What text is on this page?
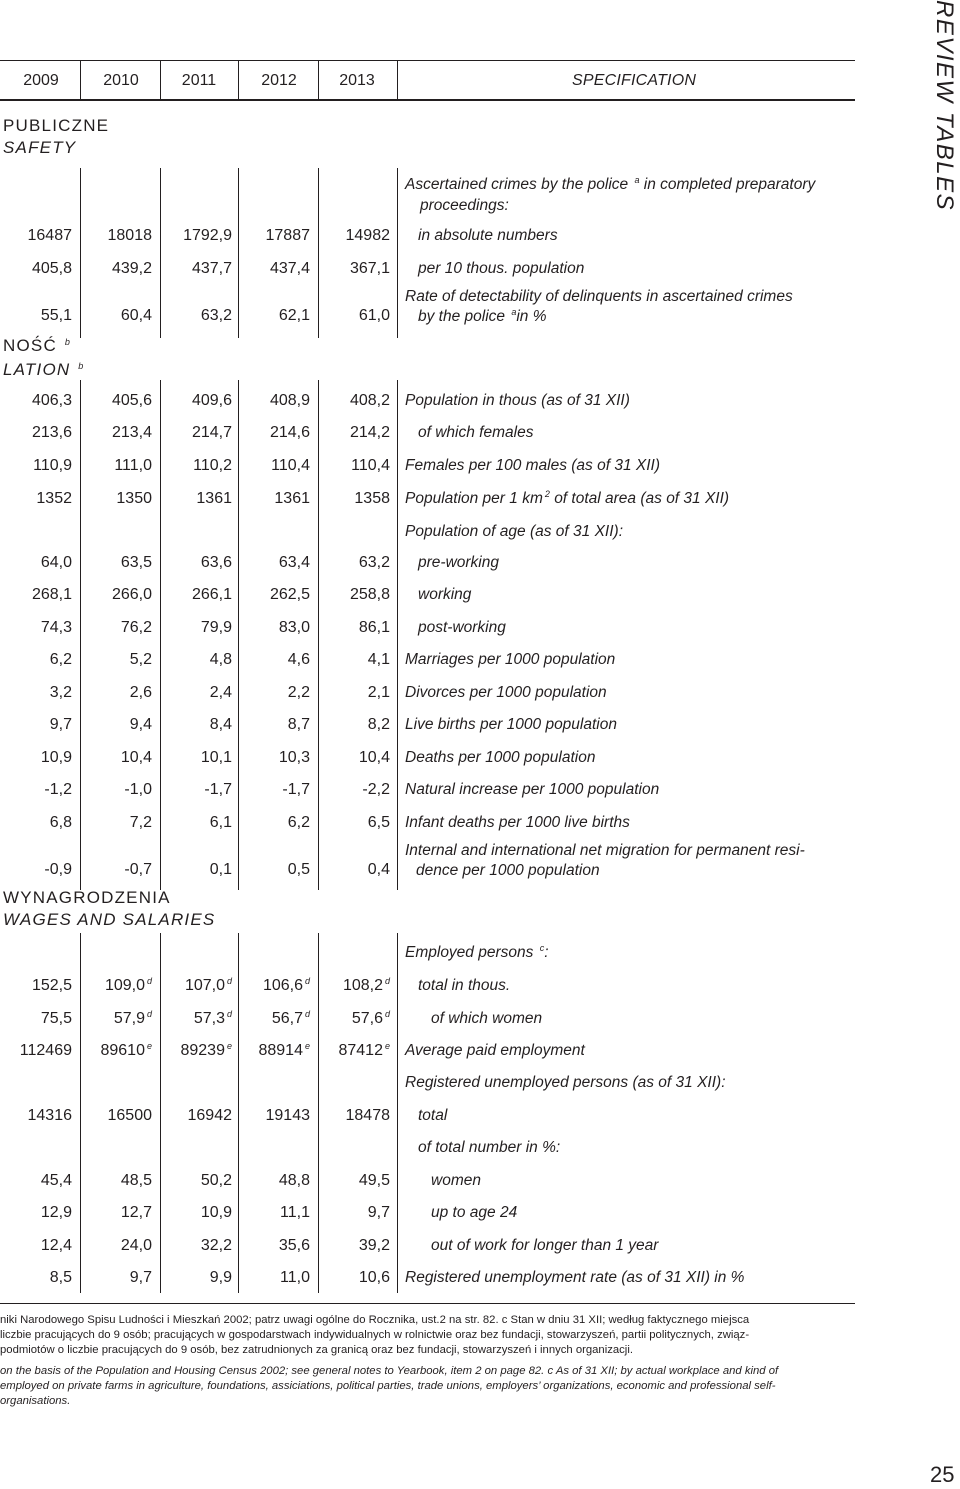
2009	2010	2011	2012	2013	SPECIFICATION	REVIEW TABLES
PUBLICZNE
SAFETY
Ascertained crimes by the police $^a$ in completed preparatory
proceedings:
16487	18018	1792,9	17887	14982 in absolute numbers
405,8	439,2	437,7	437,4	367,1 per 10 thous. population
Rate of detectability of delinquents in ascertained crimes
by the police $^a$in %
55,1	60,4	63,2	62,1	61,0
NOŚĆ $^b$
LATION $^b$
406,3	405,6	409,6	408,9	408,2 Population in thous (as of 31 XII)
213,6	213,4	214,7	214,6	214,2 of which females
110,9	111,0	110,2	110,4	110,4 Females per 100 males (as of 31 XII)
1352	1350	1361	1361	1358 Population per 1 km $^2$ of total area (as of 31 XII)
Population of age (as of 31 XII):
64,0	63,5	63,6	63,4	63,2 pre-working
268,1	266,0	266,1	262,5	258,8 working
74,3	76,2	79,9	83,0	86,1 post-working
6,2	5,2	4,8	4,6	4,1 Marriages per 1000 population
3,2	2,6	2,4	2,2	2,1 Divorces per 1000 population
9,7	9,4	8,4	8,7	8,2 Live births per 1000 population
10,9	10,4	10,1	10,3	10,4 Deaths per 1000 population
-1,2	-1,0	-1,7	-1,7	-2,2 Natural increase per 1000 population
6,8	7,2	6,1	6,2	6,5 Infant deaths per 1000 live births
Internal and international net migration for permanent resi-
dence per 1000 population
-0,9	-0,7	0,1	0,5	0,4
WYNAGRODZENIA
WAGES AND SALARIES
Employed persons $^c$:
152,5	109,0 $^d$	107,0 $^d$	106,6 $^d$	108,2 $^d$ total in thous.
75,5	57,9 $^d$	57,3 $^d$	56,7 $^d$	57,6 $^d$	of which women
112469	89610 $^e$	89239 $^e$	88914 $^e$	87412 $^e$ Average paid employment
Registered unemployed persons (as of 31 XII):
14316	16500	16942	19143	18478 total
of total number in %:
45,4	48,5	50,2	48,8	49,5	women
12,9	12,7	10,9	11,1	9,7	up to age 24
12,4	24,0	32,2	35,6	39,2	out of work for longer than 1 year
8,5	9,7	9,9	11,0	10,6 Registered unemployment rate (as of 31 XII) in %
niki Narodowego Spisu Ludności i Mieszkań 2002; patrz uwagi ogólne do Rocznika, ust.2 na str. 82. c Stan w dniu 31 XII; według faktycznego miejsca
liczbie pracujących do 9 osób; pracujących w gospodarstwach indywidualnych w rolnictwie oraz bez fundacji, stowarzyszeń, partii politycznych, związ-
podmiotów o liczbie pracujących do 9 osób, bez zatrudnionych za granicą oraz bez fundacji, stowarzyszeń i innych organizacji.
on the basis of the Population and Housing Census 2002; see general notes to Yearbook, item 2 on page 82. c As of 31 XII; by actual workplace and kind of
employed on private farms in agriculture, foundations, assiciations, political parties, trade unions, employers’ organizations, economic and professional self-
organisations.
25
